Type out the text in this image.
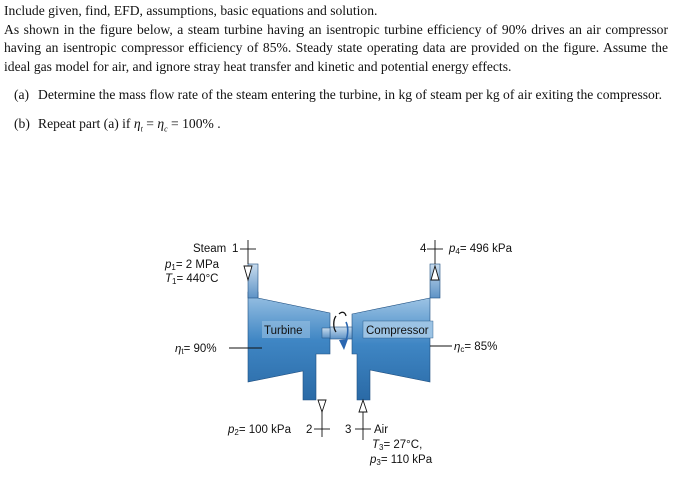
Include given, find, EFD, assumptions, basic equations and solution.

As shown in the figure below, a steam turbine having an isentropic turbine efficiency of 90% drives an air compressor having an isentropic compressor efficiency of 85%. Steady state operating data are provided on the figure. Assume the ideal gas model for air, and ignore stray heat transfer and kinetic and potential energy effects.

(a) Determine the mass flow rate of the steam entering the turbine, in kg of steam per kg of air exiting the compressor.

(b) Repeat part (a) if $\eta_t = \eta_c = 100\%$ .

Turbine	Compressor
Steam 1
p1= 2 MPa
T1= 440°C
4 p4= 496 kPa
ηt= 90%	ηc= 85%
p2= 100 kPa 2	3 Air
T3= 27°C,
p3= 110 kPa
